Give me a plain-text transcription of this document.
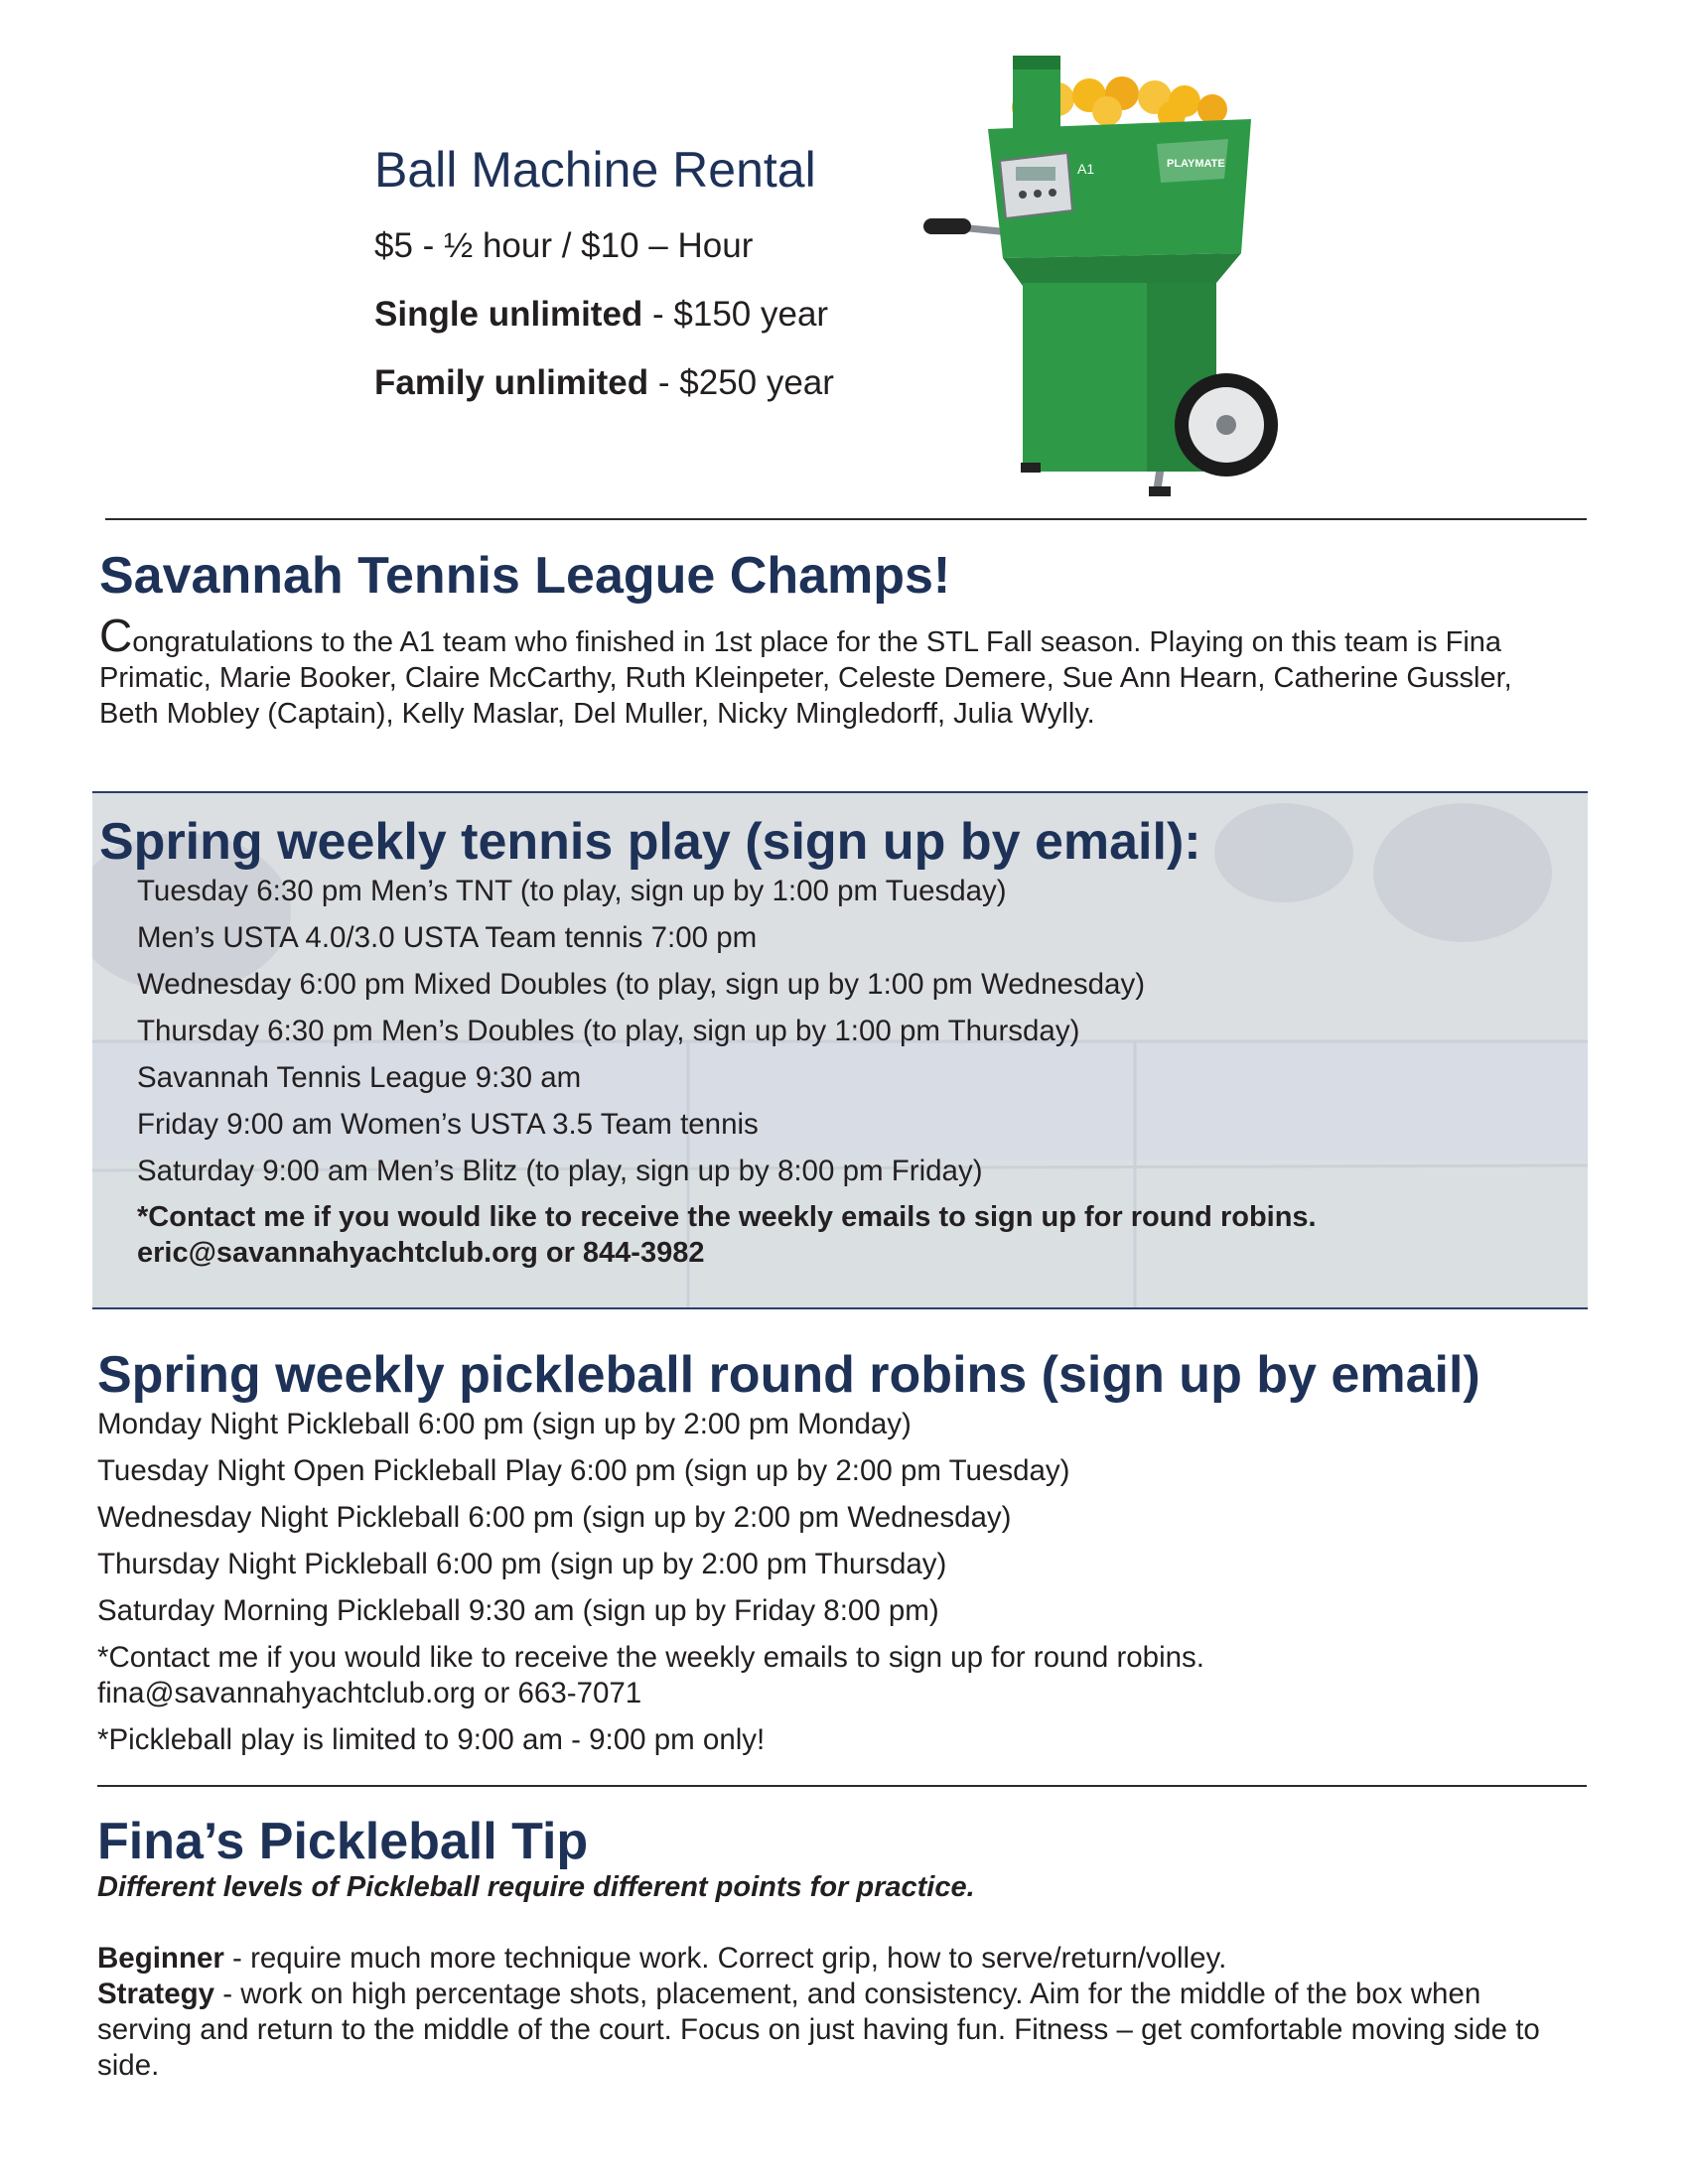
Ball Machine Rental
$5 - ½ hour / $10 – Hour
Single unlimited - $150 year
Family unlimited - $250 year
A1	PLAYMATE
Savannah Tennis League Champs!
Congratulations to the A1 team who finished in 1st place for the STL Fall season. Playing on this team is Fina Primatic, Marie Booker, Claire McCarthy, Ruth Kleinpeter, Celeste Demere, Sue Ann Hearn, Catherine Gussler, Beth Mobley (Captain), Kelly Maslar, Del Muller, Nicky Mingledorff, Julia Wylly.
Spring weekly tennis play (sign up by email):
Tuesday 6:30 pm Men’s TNT (to play, sign up by 1:00 pm Tuesday)
Men’s USTA 4.0/3.0 USTA Team tennis 7:00 pm
Wednesday 6:00 pm Mixed Doubles (to play, sign up by 1:00 pm Wednesday)
Thursday 6:30 pm Men’s Doubles (to play, sign up by 1:00 pm Thursday)
Savannah Tennis League 9:30 am
Friday 9:00 am Women’s USTA 3.5 Team tennis
Saturday 9:00 am Men’s Blitz (to play, sign up by 8:00 pm Friday)
*Contact me if you would like to receive the weekly emails to sign up for round robins.
eric@savannahyachtclub.org or 844-3982
Spring weekly pickleball round robins (sign up by email)
Monday Night Pickleball 6:00 pm (sign up by 2:00 pm Monday)
Tuesday Night Open Pickleball Play 6:00 pm (sign up by 2:00 pm Tuesday)
Wednesday Night Pickleball 6:00 pm (sign up by 2:00 pm Wednesday)
Thursday Night Pickleball 6:00 pm (sign up by 2:00 pm Thursday)
Saturday Morning Pickleball 9:30 am (sign up by Friday 8:00 pm)
*Contact me if you would like to receive the weekly emails to sign up for round robins.
fina@savannahyachtclub.org or 663-7071
*Pickleball play is limited to 9:00 am - 9:00 pm only!
Fina’s Pickleball Tip
Different levels of Pickleball require different points for practice.
Beginner - require much more technique work. Correct grip, how to serve/return/volley.
Strategy - work on high percentage shots, placement, and consistency. Aim for the middle of the box when serving and return to the middle of the court. Focus on just having fun. Fitness – get comfortable moving side to side.
